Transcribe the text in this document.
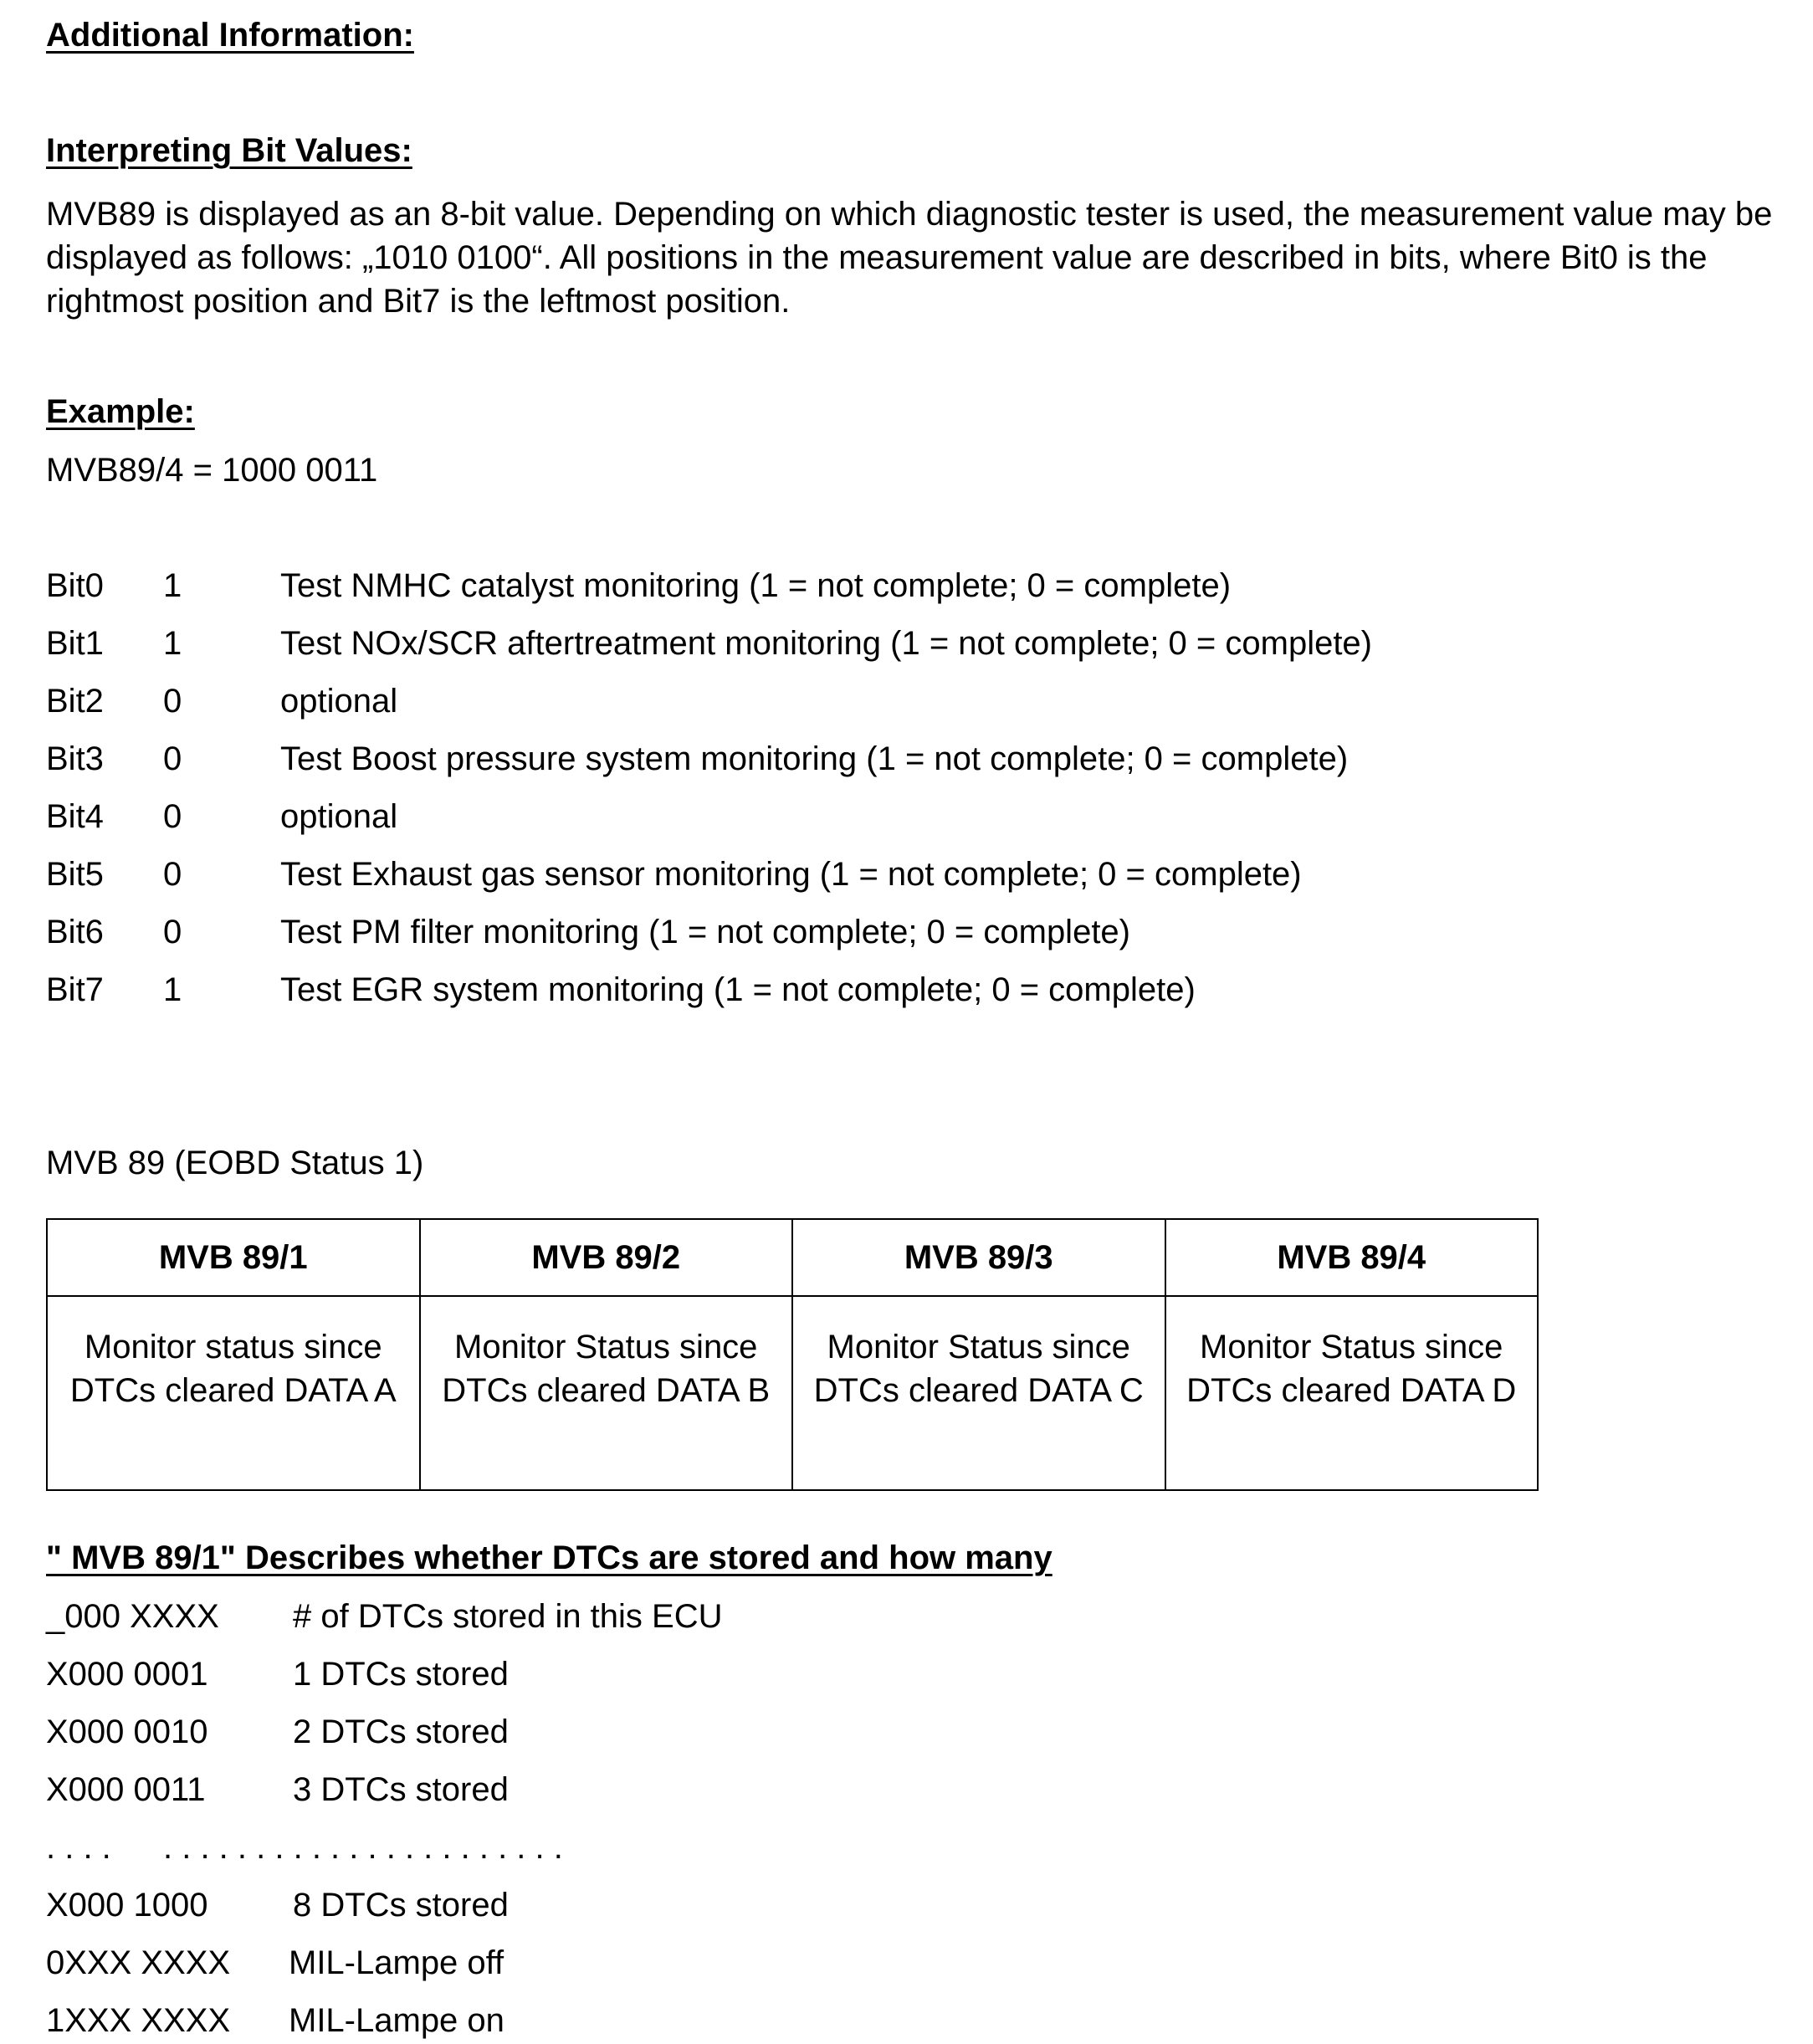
Additional Information:
Interpreting Bit Values:
MVB89 is displayed as an 8-bit value. Depending on which diagnostic tester is used, the measurement value may be displayed as follows: „1010 0100“. All positions in the measurement value are described in bits, where Bit0 is the rightmost position and Bit7 is the leftmost position.
Example:
MVB89/4 = 1000 0011
Bit0 1	Test NMHC catalyst monitoring (1 = not complete; 0 = complete)
Bit1 1	Test NOx/SCR aftertreatment monitoring (1 = not complete; 0 = complete)
Bit2 0	optional
Bit3 0	Test Boost pressure system monitoring (1 = not complete; 0 = complete)
Bit4 0	optional
Bit5 0	Test Exhaust gas sensor monitoring (1 = not complete; 0 = complete)
Bit6 0	Test PM filter monitoring (1 = not complete; 0 = complete)
Bit7 1	Test EGR system monitoring (1 = not complete; 0 = complete)
MVB 89 (EOBD Status 1)
MVB 89/1	MVB 89/2	MVB 89/3	MVB 89/4
Monitor status since DTCs cleared DATA A	Monitor Status since DTCs cleared DATA B	Monitor Status since DTCs cleared DATA C	Monitor Status since DTCs cleared DATA D
" MVB 89/1" Describes whether DTCs are stored and how many
_000 XXXX # of DTCs stored in this ECU
X000 0001	1 DTCs stored
X000 0010	2 DTCs stored
X000 0011	3 DTCs stored
. . . . . . . . . . . . . . . . . . . . . . . . . .
X000 1000	8 DTCs stored
0XXX XXXX MIL-Lampe off
1XXX XXXX MIL-Lampe on
